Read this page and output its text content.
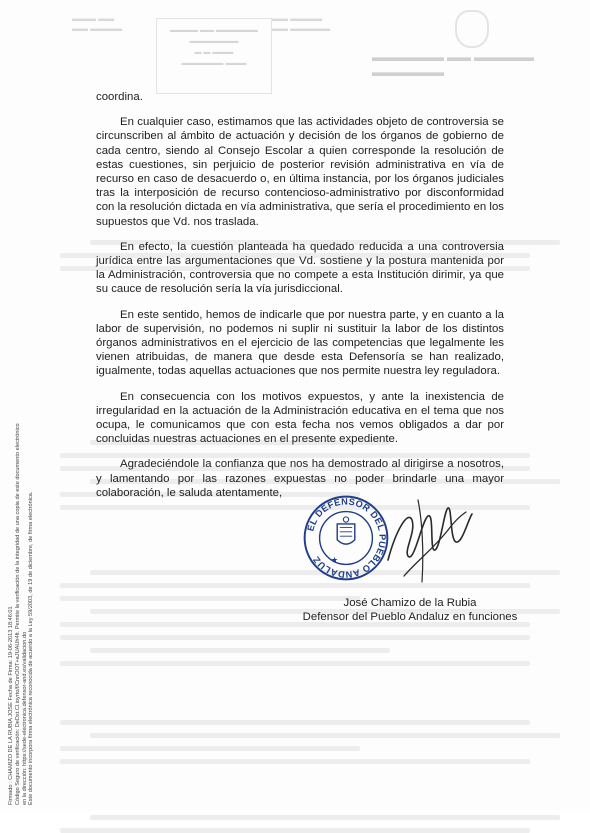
▬▬▬ ▬▬
▬▬ ▬▬▬▬	▬▬▬▬ ▬▬ ▬▬▬▬▬▬
▬▬▬▬▬▬▬
▬ ▬ ▬▬▬
▬▬▬▬▬▬ ▬▬▬
▬▬ ▬▬▬▬
▬▬ ▬▬▬▬▬
▬▬▬▬▬▬ ▬▬ ▬▬▬▬▬ ▬▬▬▬▬▬

coordina.

En cualquier caso, estimamos que las actividades objeto de controversia se circunscriben al ámbito de actuación y decisión de los órganos de gobierno de cada centro, siendo al Consejo Escolar a quien corresponde la resolución de estas cuestiones, sin perjuicio de posterior revisión administrativa en vía de recurso en caso de desacuerdo o, en última instancia, por los órganos judiciales tras la interposición de recurso contencioso-administrativo por disconformidad con la resolución dictada en vía administrativa, que sería el procedimiento en los supuestos que Vd. nos traslada.

En efecto, la cuestión planteada ha quedado reducida a una controversia jurídica entre las argumentaciones que Vd. sostiene y la postura mantenida por la Administración, controversia que no compete a esta Institución dirimir, ya que su cauce de resolución sería la vía jurisdiccional.

En este sentido, hemos de indicarle que por nuestra parte, y en cuanto a la labor de supervisión, no podemos ni suplir ni sustituir la labor de los distintos órganos administrativos en el ejercicio de las competencias que legalmente les vienen atribuidas, de manera que desde esta Defensoría se han realizado, igualmente, todas aquellas actuaciones que nos permite nuestra ley reguladora.

En consecuencia con los motivos expuestos, y ante la inexistencia de irregularidad en la actuación de la Administración educativa en el tema que nos ocupa, le comunicamos que con esta fecha nos vemos obligados a dar por concluidas nuestras actuaciones en el presente expediente.

Agradeciéndole la confianza que nos ha demostrado al dirigirse a nosotros, y lamentando por las razones expuestas no poder brindarle una mayor colaboración, le saluda atentamente,

EL DEFENSOR DEL PUEBLO ANDALUZ ★
José Chamizo de la Rubia
Defensor del Pueblo Andaluz en funciones
Firmado : CHAMIZO DE LA RUBIA JOSE Fecha de Firma: 19-06-2013 18:46:01 Código Seguro de verificación: DeDxt.Cl.ioyrto/f/CnnOOT+aJUAUh4ft. Permite la verificación de la integridad de una copia de este documento electrónico en la dirección: https://sede-electronica.defensor-and.es/validacion.do Este documento incorpora firma electrónica reconocida de acuerdo a la Ley 59/2003, de 19 de diciembre, de firma electrónica.
